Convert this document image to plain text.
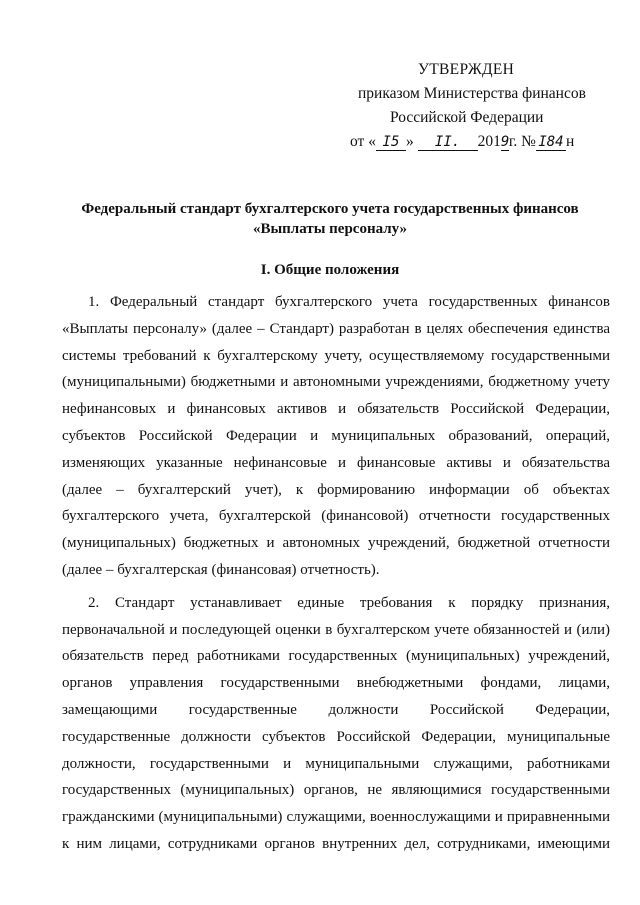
УТВЕРЖДЕН
приказом Министерства финансов
Российской Федерации
от « I5 » II. 2019г. № I84 н
Федеральный стандарт бухгалтерского учета государственных финансов
«Выплаты персоналу»
I. Общие положения
1. Федеральный стандарт бухгалтерского учета государственных финансов
«Выплаты персоналу» (далее – Стандарт) разработан в целях обеспечения единства
системы требований к бухгалтерскому учету, осуществляемому государственными
(муниципальными) бюджетными и автономными учреждениями, бюджетному учету
нефинансовых и финансовых активов и обязательств Российской Федерации,
субъектов Российской Федерации и муниципальных образований, операций,
изменяющих указанные нефинансовые и финансовые активы и обязательства
(далее – бухгалтерский учет), к формированию информации об объектах
бухгалтерского учета, бухгалтерской (финансовой) отчетности государственных
(муниципальных) бюджетных и автономных учреждений, бюджетной отчетности
(далее – бухгалтерская (финансовая) отчетность).
2. Стандарт устанавливает единые требования к порядку признания,
первоначальной и последующей оценки в бухгалтерском учете обязанностей и (или)
обязательств перед работниками государственных (муниципальных) учреждений,
органов управления государственными внебюджетными фондами, лицами,
замещающими государственные должности Российской Федерации,
государственные должности субъектов Российской Федерации, муниципальные
должности, государственными и муниципальными служащими, работниками
государственных (муниципальных) органов, не являющимися государственными
гражданскими (муниципальными) служащими, военнослужащими и приравненными
к ним лицами, сотрудниками органов внутренних дел, сотрудниками, имеющими
